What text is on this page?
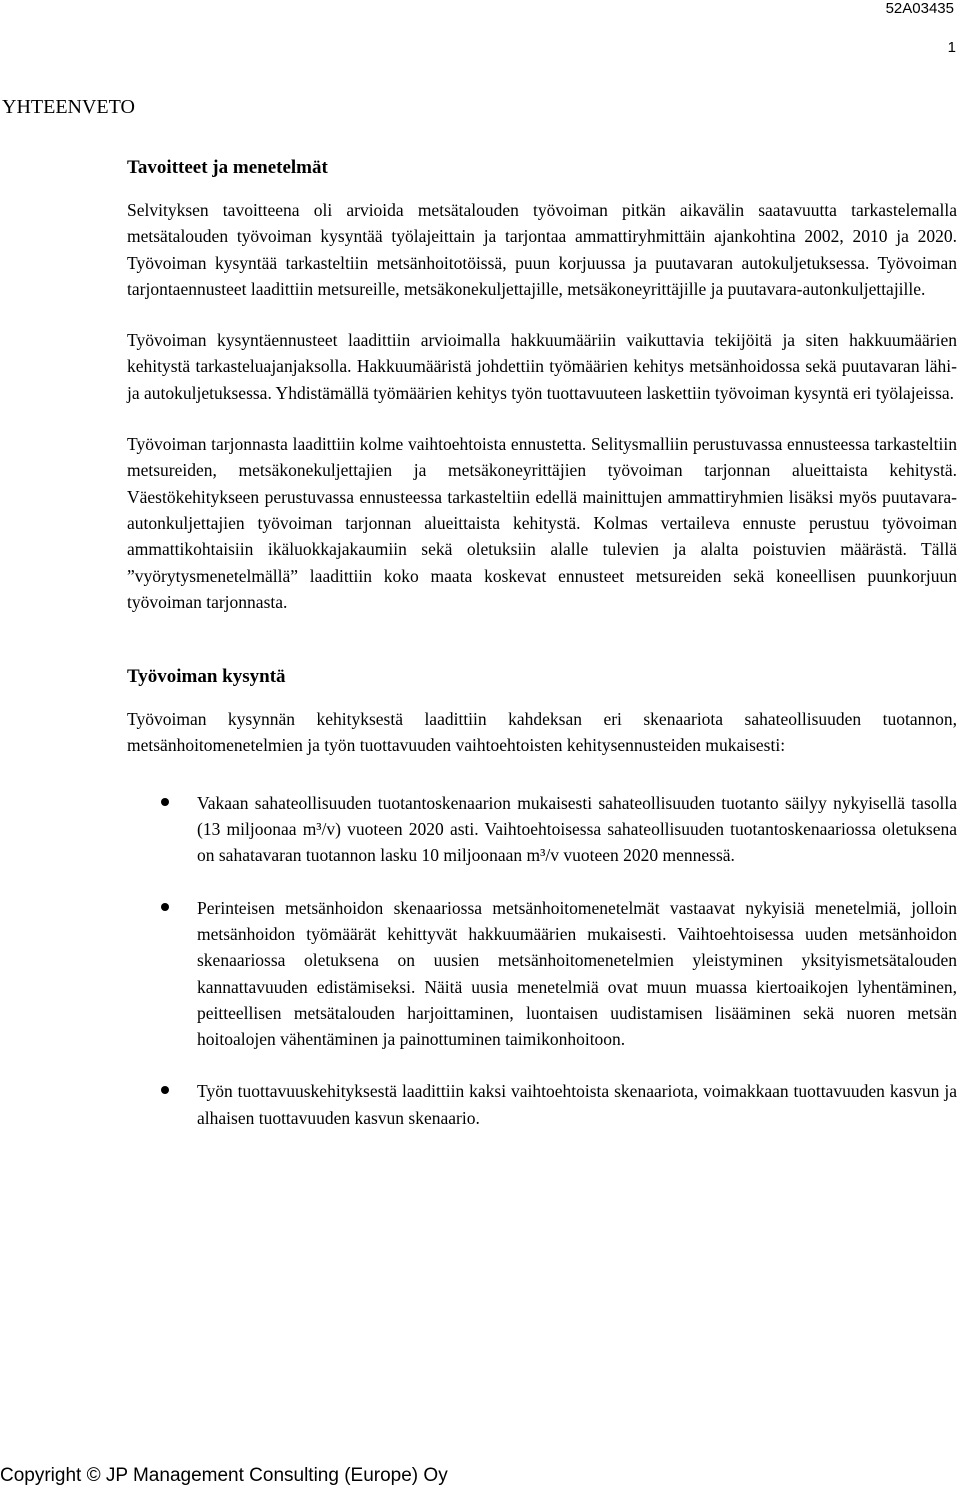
52A03435
1
YHTEENVETO
Tavoitteet ja menetelmät

Selvityksen tavoitteena oli arvioida metsätalouden työvoiman pitkän aikavälin saatavuutta tarkastelemalla metsätalouden työvoiman kysyntää työlajeittain ja tarjontaa ammattiryhmittäin ajankohtina 2002, 2010 ja 2020. Työvoiman kysyntää tarkasteltiin metsänhoitotöissä, puun korjuussa ja puutavaran autokuljetuksessa. Työvoiman tarjontaennusteet laadittiin metsureille, metsäkonekuljettajille, metsäkoneyrittäjille ja puutavara-autonkuljettajille.

Työvoiman kysyntäennusteet laadittiin arvioimalla hakkuumääriin vaikuttavia tekijöitä ja siten hakkuumäärien kehitystä tarkasteluajanjaksolla. Hakkuumääristä johdettiin työmäärien kehitys metsänhoidossa sekä puutavaran lähi- ja autokuljetuksessa. Yhdistämällä työmäärien kehitys työn tuottavuuteen laskettiin työvoiman kysyntä eri työlajeissa.

Työvoiman tarjonnasta laadittiin kolme vaihtoehtoista ennustetta. Selitysmalliin perustuvassa ennusteessa tarkasteltiin metsureiden, metsäkonekuljettajien ja metsäkoneyrittäjien työvoiman tarjonnan alueittaista kehitystä. Väestökehitykseen perustuvassa ennusteessa tarkasteltiin edellä mainittujen ammattiryhmien lisäksi myös puutavara-autonkuljettajien työvoiman tarjonnan alueittaista kehitystä. Kolmas vertaileva ennuste perustuu työvoiman ammattikohtaisiin ikäluokkajakaumiin sekä oletuksiin alalle tulevien ja alalta poistuvien määrästä. Tällä ”vyörytysmenetelmällä” laadittiin koko maata koskevat ennusteet metsureiden sekä koneellisen puunkorjuun työvoiman tarjonnasta.

Työvoiman kysyntä

Työvoiman kysynnän kehityksestä laadittiin kahdeksan eri skenaariota sahateollisuuden tuotannon, metsänhoitomenetelmien ja työn tuottavuuden vaihtoehtoisten kehitysennusteiden mukaisesti:

Vakaan sahateollisuuden tuotantoskenaarion mukaisesti sahateollisuuden tuotanto säilyy nykyisellä tasolla (13 miljoonaa m³/v) vuoteen 2020 asti. Vaihtoehtoisessa sahateollisuuden tuotantoskenaariossa oletuksena on sahatavaran tuotannon lasku 10 miljoonaan m³/v vuoteen 2020 mennessä.

Perinteisen metsänhoidon skenaariossa metsänhoitomenetelmät vastaavat nykyisiä menetelmiä, jolloin metsänhoidon työmäärät kehittyvät hakkuumäärien mukaisesti. Vaihtoehtoisessa uuden metsänhoidon skenaariossa oletuksena on uusien metsänhoitomenetelmien yleistyminen yksityismetsätalouden kannattavuuden edistämiseksi. Näitä uusia menetelmiä ovat muun muassa kiertoaikojen lyhentäminen, peitteellisen metsätalouden harjoittaminen, luontaisen uudistamisen lisääminen sekä nuoren metsän hoitoalojen vähentäminen ja painottuminen taimikonhoitoon.

Työn tuottavuuskehityksestä laadittiin kaksi vaihtoehtoista skenaariota, voimakkaan tuottavuuden kasvun ja alhaisen tuottavuuden kasvun skenaario.

Copyright © JP Management Consulting (Europe) Oy
